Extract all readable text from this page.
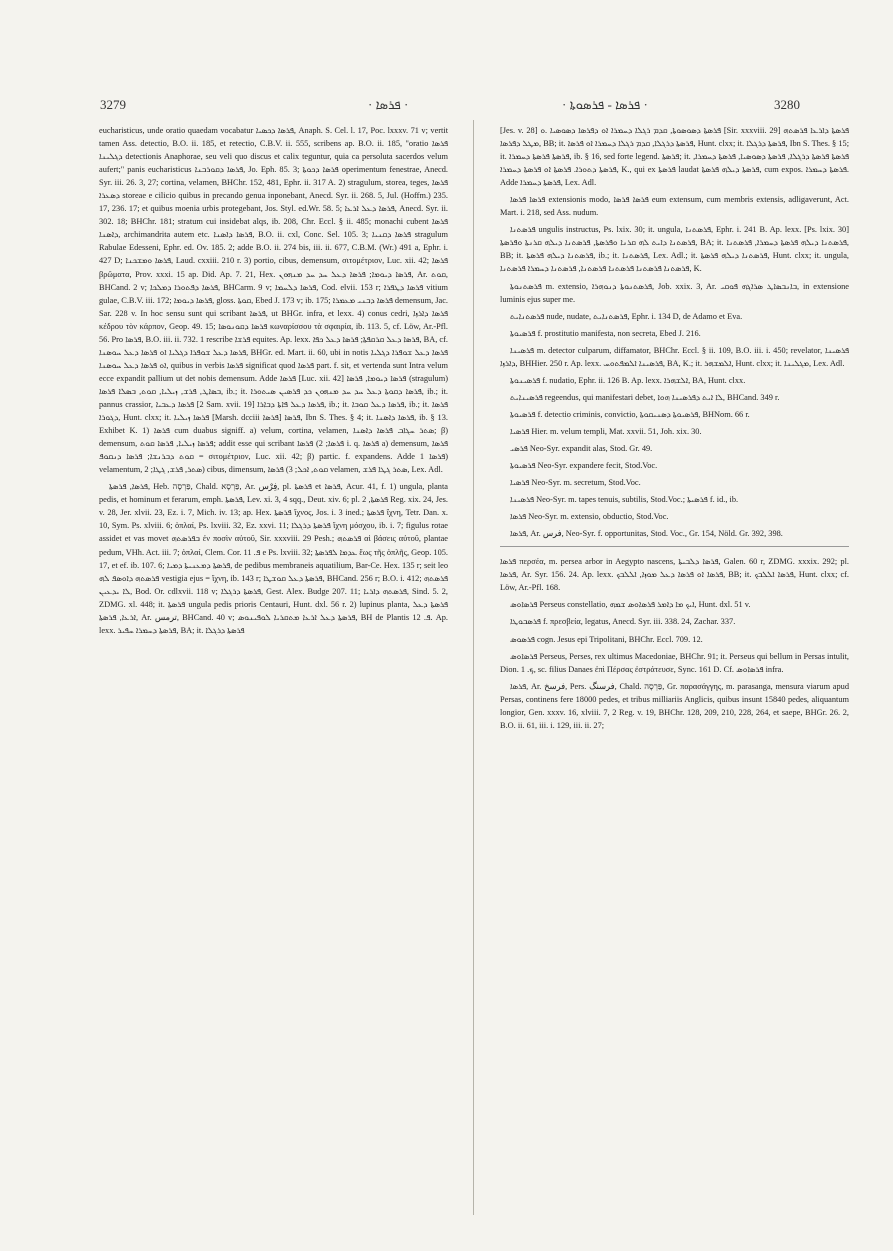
3279	· ܦܪܣܐ ·	· ܦܪܣܐ - ܦܪܣܘܬܐ ·	3280

eucharisticus, unde oratio quaedam vocabatur ܦܪܣܐ ܕܟܣܝܐ, Anaph. S. Cel. l. 17, Poc. lxxxv. 71 v; vertit tamen Ass. detectio, B.O. ii. 185, et retectio, C.B.V. ii. 555, scribens ap. B.O. ii. 185, "oratio ܦܪܣܐ ܕܓܠܝܢܐ detectionis Anaphorae, seu veli quo discus et calix teguntur, quia ca persoluta sacerdos velum aufert;" panis eucharisticus ܦܪܣܐ ܕܩܘܪܒܢܐ, Jo. Eph. 85. 3; ܦܪܣܐ ܕܟܘܬܐ operimentum fenestrae, Anecd. Syr. iii. 26. 3, 27; cortina, velamen, BHChr. 152, 481, Ephr. ii. 317 A. 2) stragulum, storea, teges, ܦܪܣܐ ܕܣܥܪܐ storeae e cilicio quibus in precando genua inponebant, Anecd. Syr. ii. 268. 5, Jul. (Hoffm.) 235. 17, 236. 17; et quibus moenia urbis protegebant, Jos. Styl. ed.Wr. 58. 5; ܦܪܣܐ ܕܥܠ ܐܪܥܐ, Anecd. Syr. ii. 302. 18; BHChr. 181; stratum cui insidebat alqs, ib. 208, Chr. Eccl. § ii. 485; monachi cubent ܦܪܣܐ ܕܐܣܢܐ, archimandrita autem etc. ܦܪܣܐ ܕܐܣܢܐ, B.O. ii. cxl, Conc. Sel. 105. 3; ܦܪܣܐ ܕܩܢܝܐ stragulum Rabulae Edesseni, Ephr. ed. Ov. 185. 2; adde B.O. ii. 274 bis, iii. ii. 677, C.B.M. (Wr.) 491 a, Ephr. i. 427 D; ܦܪܣܐ ܘܡܫܟܢܐ, Laud. cxxiii. 210 r. 3) portio, cibus, demensum, σιτομέτριον, Luc. xii. 42; ܦܪܣܐ βρῶματα, Prov. xxxi. 15 ap. Did. Ap. 7. 21, Hex. ܦܪܣܐ ܕܝܘܡܐ; ܦܪܣܐ ܕܥܠ ܚܕ ܚܕ ܡܢܗܘܢ, Ar. ܩܘܬ, BHCand. 2 v; ܦܪܣܐ ܕܦܬܘܪܐ ܕܡܠܟܐ, BHCarm. 9 v; ܦܪܣܐ ܕܠܚܡܐ, Cod. elvii. 153 r; ܦܪܣܐ ܕܛܦܪܐ vitium gulae, C.B.V. iii. 172; ܦܪܣܐ ܕܝܘܡܐ, gloss. ܩܘܬܐ, Ebed J. 173 v; ib. 175; ܦܪܣܐ ܕܒܢܝ ܡܥܡܪܐ demensum, Jac. Sar. 228 v. In hoc sensu sunt qui scribant ܦܪܣܐ, ut BHGr. infra, et lexx. 4) conus cedri, ܦܪܣܐ ܕܐܪܙܐ κέδρου τὸν κάρπον, Geop. 49. 15; ܦܪܣܐ ܕܩܘܢܘܣܐ κωναρίσσου τὰ σφαιρία, ib. 113. 5, cf. Löw, Ar.-Pfl. 56. Pro ܦܪܣܐ, B.O. iii. ii. 732. 1 rescribe ܦܪܫܐ equites. Ap. lexx. ܦܪܣܐ ܕܥܠ ܩܪܩܦܬܐ; ܦܪܣܐ ܕܥܠ ܟܦܐ, BA, cf. ܦܪܣܐ ܕܥܠ ܫܘܦܪܐ ܕܓܠܝܐ ܐܘ ܦܪܣܐ ܕܥܠ ܚܘܣܢܐ, BHGr. ed. Mart. ii. 60, ubi in notis ܦܪܣܐ ܕܥܠ ܫܘܦܪܐ ܕܓܠܝܐ ܐܘ ܦܪܣܐ ܕܥܠ ܚܘܣܢܐ, quibus in verbis ܦܪܣܐ significat quod ܦܪܣܐ part. f. sit, et vertenda sunt Intra velum ecce expandit pallium ut det nobis demensum. Adde ܦܪܣܐ [Luc. xii. 42] ܦܪܣܐ ܕܝܘܡܐ, ܦܪܣܐ (stragulum) ܒܣܐܛ, ܦܪܫ, ܙܝܠܝܐ, ܩܘܬ, ܒܣܠܐ ܦܪܣܐ, ib.; it. ܦܪܣܐ ܕܩܘܬܐ ܕܥܠ ܚܕ ܚܕ ܡܢܗܘܢ ܟܕ ܦܪܣܝܢ ܣܝܬܘܪܐ, ib.; it. pannus crassior, ܦܪܣܐ ܕܥܒܝܐ [2 Sam. xvii. 19] ܦܪܣܐ ܕܥܠ ܦܐܬܐ ܕܒܐܪܐ, ib.; it. ܦܪܣܐ ܕܥܠ ܩܘܒܐ, ib.; it. ܦܪܣܐ ܕܓܘܪܐ, Hunt. clxx; it. ܦܪܣܐ ܙܝܠܝܐ [Marsh. dcciii ܦܪܣܐ] ܦܪܣܐ, Ibn S. Thes. § 4; it. ܦܪܣܐ ܕܐܣܢܐ, ib. § 13. Exhibet K. 1) ܦܪܣܐ cum duabus signiff. a) velum, cortina, velamen, ܣܬܪ ܚܓܐܒ ܦܪܣܐ ܕܐܣܢܐ; β) demensum, ܦܪܣܐ ܙܝܠܝܐ, ܦܪܣܐ ܩܘܬ; addit esse qui scribant ܦܪܣܐ; 2) ܦܪܣܐ i. q. ܦܪܣܐ a) demensum, ܦܪܣܐ ܩܘܬ ܕܒܪܢܫܐ; ܦܪܣܐ ܕܢܩܘܦ = σιτομέτριον, Luc. xii. 42; β) partic. f. expandens. Adde ܦܪܣܐ 1) velamentum, ܣܬܪ, ܦܪܫ, ܓܛܐ; 2) cibus, dimensum, ܩܘܬ, ܐܟܠ; 3) ܦܪܣܐ velamen, ܣܬܪ ܓܛܐ ܦܪܫ, Lex. Adl.

ܦܪܣܐ, ܦܪܣܬܐ, Heb. פַּרְסָה, Chald. פַּרְסָא, Ar. فِرْس, pl. ܦܪܣܬܐ et ܦܪܣܐ, Acur. 41, f. 1) ungula, planta pedis, et hominum et ferarum, emph. ܦܪܣܬܐ, Lev. xi. 3, 4 sqq., Deut. xiv. 6; pl. ܦܪܣܬܐ, 2 Reg. xix. 24, Jes. v. 28, Jer. xlvii. 23, Ez. i. 7, Mich. iv. 13; ap. Hex. ܦܪܣܬܐ ἴχνος, Jos. i. 3 ined.; ܦܪܣܬܐ ἴχνη, Tetr. Dan. x. 10, Sym. Ps. xlviii. 6; ὁπλαί, Ps. lxviii. 32, Ez. xxvi. 11; ܦܪܣܬܐ ܕܪܓܠܐ ἴχνη μόσχου, ib. i. 7; figulus rotae assidet et vas movet ܒܦܪܣܬܗ ἐν ποσὶν αὐτοῦ, Sir. xxxviii. 29 Pesh.; ܦܪܣܬܗ αἱ βάσεις αὐτοῦ, plantae pedum, VHh. Act. iii. 7; ὁπλαί, Clem. Cor. ܦ. 11 e Ps. lxviii. 32; ܥܕܡܐ ܠܦܪܣܬܐ ἕως τῆς ὁπλῆς, Geop. 105. 17, et ef. ib. 107. 6; ܦܪܣܬܐ ܕܡܥܢܝܬܐ ܕܡܝܐ, de pedibus membraneis aquatilium, Bar-Ce. Hex. 135 r; seit leo ܦܪܣܬܗ ܕܐܘܣܦ ܠܗ vestigia ejus = ἴχνη, ib. 143 r; ܦܪܣܬܐ ܕܥܠ ܩܘܫܛܐ, BHCand. 256 r; B.O. i. 412; ܦܪܣܬܗ ܠܐ ܝܕܥܝܢ, Bod. Or. cdlxvii. 118 v; ܦܪܣܬܐ ܕܪܓܠܐ, Gest. Alex. Budge 207. 11; ܦܪܣܬܗ ܕܐܪܝܐ, Sind. 5. 2, ZDMG. xl. 448; it. ܦܪܣܬܐ ungula pedis prioris Centauri, Hunt. dxl. 56 r. 2) lupinus planta, ܦܪܣܬܐ ܕܥܠ ܐܪܥܐ, ܦܪܣܬܐ, Ar. ترمس, BHCand. 40 v; ܦܪܣܬܐ ܕܥܠ ܐܪܥܐ ܡܬܩܪܝܐ ܠܘܦܝܢܘܣ, BH de Plantis ܦ. 12. Ap. lexx. ܦܪܣܬܐ ܕܚܡܪܐ ܚܦܝܪ, BA; it. ܦܪܣܬܐ ܕܪܓܠܐ

[Jes. v. 28] ܦܪܣܬܐ ܕܣܘܣܘܬܐ, ܩܕܡ ܪܓܠܐ ܕܚܡܪܐ ܐܘ ܕܦܪܣܐ ܕܣܘܣܝܐ .ܘ [Sir. xxxviii. 29] ܦܪܣܬܐ ܕܐܪܥܐ ܦܪܣܬܗ ܡܛܠ ܕܦܪܣܐ, BB; it. ܦܪܣܬܐ ܕܪܓܠܐ, ܩܕܡ ܪܓܠܐ ܕܚܡܪܐ ܐܘ ܦܪܣܐ, Hunt. clxx; it. ܦܪܣܬܐ ܕܪܓܠܐ, Ibn S. Thes. § 15; it. ܦܪܣܬܐ ܦܪܣܬܐ ܕܚܡܪܐ, ib. § 16, sed forte legend. ܦܪܣܬܐ; it. ܦܪܣܬܐ ܦܪܣܬܐ ܕܪܓܠܐ, ܦܪܣܬܐ ܕܣܘܣܝܐ, ܦܪܣܬܐ ܕܚܡܪܐ, ܦܪܣܬܐ ܕܬܘܪܐ. ܦܪܣܬܐ ܐܘ ܦܪܣܬܐ ܕܚܡܪܐ, K., qui ex ܦܪܣܬܐ laudat ܦܪܣܬܐ ܕܝܠܗ ܦܪܣܬܐ, cum expos. ܦܪܣܬܐ ܕܚܡܪܐ. Adde ܦܪܣܬܐ ܕܚܡܪܐ, Lex. Adl.

ܦܪܣܐ ܦܪܣܐ extensionis modo, ܦܪܣܐ ܦܪܣܐ eum extensum, cum membris extensis, adligaverunt, Act. Mart. i. 218, sed Ass. nudum.

ܦܪܣܬܢܐ ungulis instructus, Ps. lxix. 30; it. ungula, ܦܪܣܬܢܐ, Ephr. i. 241 B. Ap. lexx. [Ps. lxix. 30] ܦܪܣܬܢܐ ܕܐܝܬ ܠܗ ܩܪܢܐ ܘܦܪܣܬܐ, ܦܪܣܬܢܐ ܕܝܠܗ ܩܪܢܬܐ ܘܦܪܣܬܐ, BA; it. ܦܪܣܬܢܐ ܕܝܠܗ ܦܪܣܬܐ ܕܚܡܪܐ, ܦܪܣܬܢܐ, BB; it. ܦܪܣܬܢܐ ܕܝܠܗ ܦܪܣܬܐ, ib.; it. ܦܪܣܬܢܐ, Lex. Adl.; it. ܦܪܣܬܢܐ ܕܝܠܗ ܦܪܣܬܐ, Hunt. clxx; it. ungula, ܦܪܣܬܢܐ ܦܪܣܬܢܐ ܦܪܣܬܢܐ ܦܪܣܬܢܐ, ܦܪܣܬܢܐ ܕܚܡܪܐ ܦܪܣܬܢܐ, K.

ܦܪܣܬܢܘܬܐ m. extensio, ܦܪܣܬܢܘܬܐ ܕܢܘܗܪܐ, Job. xxix. 3, Ar. ܒܐܢܒܣܐܛ ܣܪܐܓܗ ܦܘܩܝ, in extensione luminis ejus super me.

ܦܪܣܬܢܐܝܬ nude, nudate, ܦܪܣܬܢܐܝܬ, Ephr. i. 134 D, de Adamo et Eva.

ܦܪܣܝܘܬܐ f. prostitutio manifesta, non secreta, Ebed J. 216.

ܦܪܣܝܢܐ m. detector culparum, diffamator, BHChr. Eccl. § ii. 109, B.O. iii. i. 450; revelator, ܦܪܣܝܢܐ ܕܐܪܙܐ, BHHier. 250 r. Ap. lexx. ܦܪܣܝܢܐ ܐܠܡܦܬܘܚ, BA, K.; it. ܐܠܡܫܗܪ, Hunt. clxx; it. ܡܓܠܝܢܐ, Lex. Adl.

ܦܪܣܝܢܘܬܐ f. nudatio, Ephr. ii. 126 B. Ap. lexx. ܐܠܫܗܪܐ, BA, Hunt. clxx.

ܦܪܣܝܢܐܝܬ regeendus, qui manifestari debet, ܠܐ ܐܝܬ ܕܦܪܣܝܢܐ ܗܘܐ, BHCand. 349 r.

ܦܪܣܝܘܬܐ f. detectio criminis, convictio, ܦܪܣܝܘܬܐ ܕܣܢܝܩܘܬܐ, BHNom. 66 r.

ܦܪܣܝܐ Hier. m. velum templi, Mat. xxvii. 51, Joh. xix. 30.

ܦܪܣܝ Neo-Syr. expandit alas, Stod. Gr. 49.

ܦܪܣܝܘܬܐ Neo-Syr. expandere fecit, Stod.Voc.

ܦܪܣܝܐ Neo-Syr. m. secretum, Stod.Voc.

ܦܪܣܝܢܐ Neo-Syr. m. tapes tenuis, subtilis, Stod.Voc.; ܦܪܣܝܬܐ f. id., ib.

ܦܪܣܐ Neo-Syr. m. extensio, obductio, Stod.Voc.

ܦܪܣܐ, Ar. فرس, Neo-Syr. f. opportunitas, Stod. Voc., Gr. 154, Nöld. Gr. 392, 398.

ܦܪܣܐ περσέα, m. persea arbor in Aegypto nascens, ܦܪܣܐ ܕܠܒܝܬܐ, Galen. 60 r, ZDMG. xxxix. 292; pl. ܦܪܣܐ, Ar. Syr. 156. 24. Ap. lexx. ܦܪܣܐ ܐܘ ܦܪܣܐ ܕܥܠ ܡܘܙܐ, ܐܠܠܒܟ, BB; it. ܦܪܣܐ ܐܠܠܒܟ, Hunt. clxx; cf. Löw, Ar.-Pfl. 168.

ܦܪܣܐܘܣ Perseus constellatio, ܐܝܟ ܡܐ ܕܐܡܪ ܦܪܣܐܘܣ ܫܡܗ, Hunt. dxl. 51 v.

ܦܪܣܒܘܛܐ f. πρεσβεία, legatus, Anecd. Syr. iii. 338. 24, Zachar. 337.

ܦܪܣܘܣ cogn. Jesus epi Tripolitani, BHChr. Eccl. 709. 12.

ܦܪܣܐܘܣ Perseus, Perses, rex ultimus Macedoniae, BHChr. 91; it. Perseus qui bellum in Persas intulit, Dion. ܟ. 1, sc. filius Danaes ἐπὶ Πέρσας ἐστράτευσε, Sync. 161 D. Cf. ܦܪܣܐܘܣ infra.

ܦܪܣܐ, Ar. فرسخ, Pers. فرسنگ, Chald. פַּרְסָה, Gr. παρασάγγης, m. parasanga, mensura viarum apud Persas, continens fere 18000 pedes, et tribus milliariis Anglicis, quibus insunt 15840 pedes, aliquantum longior, Gen. xxxv. 16, xlviii. 7, 2 Reg. v. 19, BHChr. 128, 209, 210, 228, 264, et saepe, BHGr. 26. 2, B.O. ii. 61, iii. i. 129, iii. ii. 27;
